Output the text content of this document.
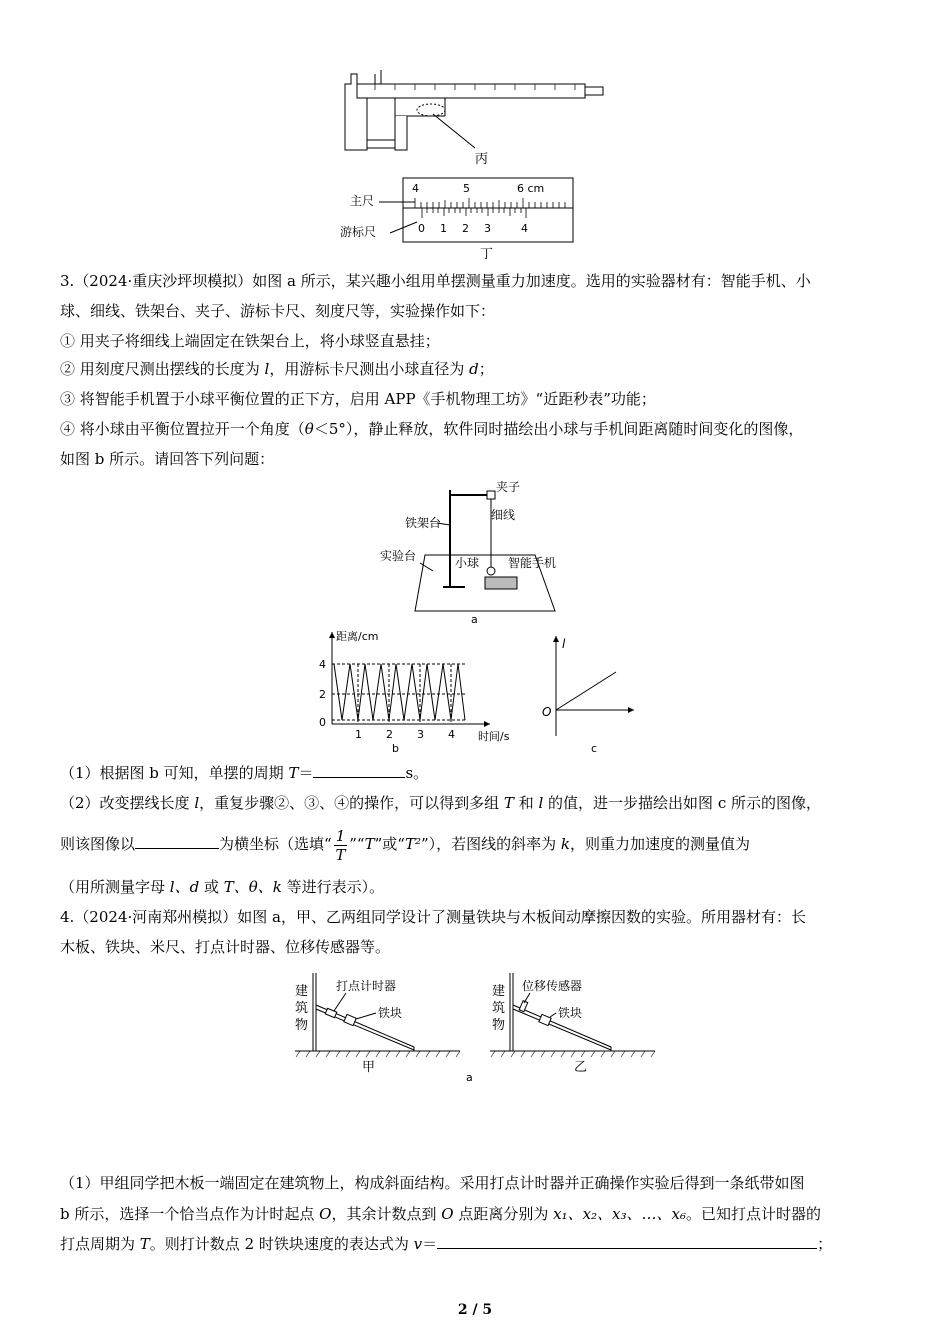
丙
4	5	6 cm
0 1 2 3	4
主尺
游标尺
丁
3.（2024·重庆沙坪坝模拟）如图 a 所示，某兴趣小组用单摆测量重力加速度。选用的实验器材有：智能手机、小
球、细线、铁架台、夹子、游标卡尺、刻度尺等，实验操作如下：
① 用夹子将细线上端固定在铁架台上，将小球竖直悬挂；
② 用刻度尺测出摆线的长度为 l，用游标卡尺测出小球直径为 d；
③ 将智能手机置于小球平衡位置的正下方，启用 APP《手机物理工坊》“近距秒表”功能；
④ 将小球由平衡位置拉开一个角度（θ＜5°），静止释放，软件同时描绘出小球与手机间距离随时间变化的图像，
如图 b 所示。请回答下列问题：
夹子
细线
铁架台
实验台	小球 智能手机
a
距离/cm
时间/s
4
2
0
1 2 3 4
b
l
O
c
（1）根据图 b 可知，单摆的周期 T＝	s。
（2）改变摆线长度 l，重复步骤②、③、④的操作，可以得到多组 T 和 l 的值，进一步描绘出如图 c 所示的图像，
则该图像以	为横坐标（选填“ $\frac{1}{T}$ ”“T”或“T²”），若图线的斜率为 k，则重力加速度的测量值为
（用所测量字母 l、d 或 T、θ、k 等进行表示）。
4.（2024·河南郑州模拟）如图 a，甲、乙两组同学设计了测量铁块与木板间动摩擦因数的实验。所用器材有：长
木板、铁块、米尺、打点计时器、位移传感器等。
建
筑
物
打点计时器
铁块
甲
建
筑
物
位移传感器
铁块
乙
a
（1）甲组同学把木板一端固定在建筑物上，构成斜面结构。采用打点计时器并正确操作实验后得到一条纸带如图
b 所示，选择一个恰当点作为计时起点 O，其余计数点到 O 点距离分别为 x₁、x₂、x₃、…、x₆。已知打点计时器的
打点周期为 T。则打计数点 2 时铁块速度的表达式为 v＝	；
2 / 5
